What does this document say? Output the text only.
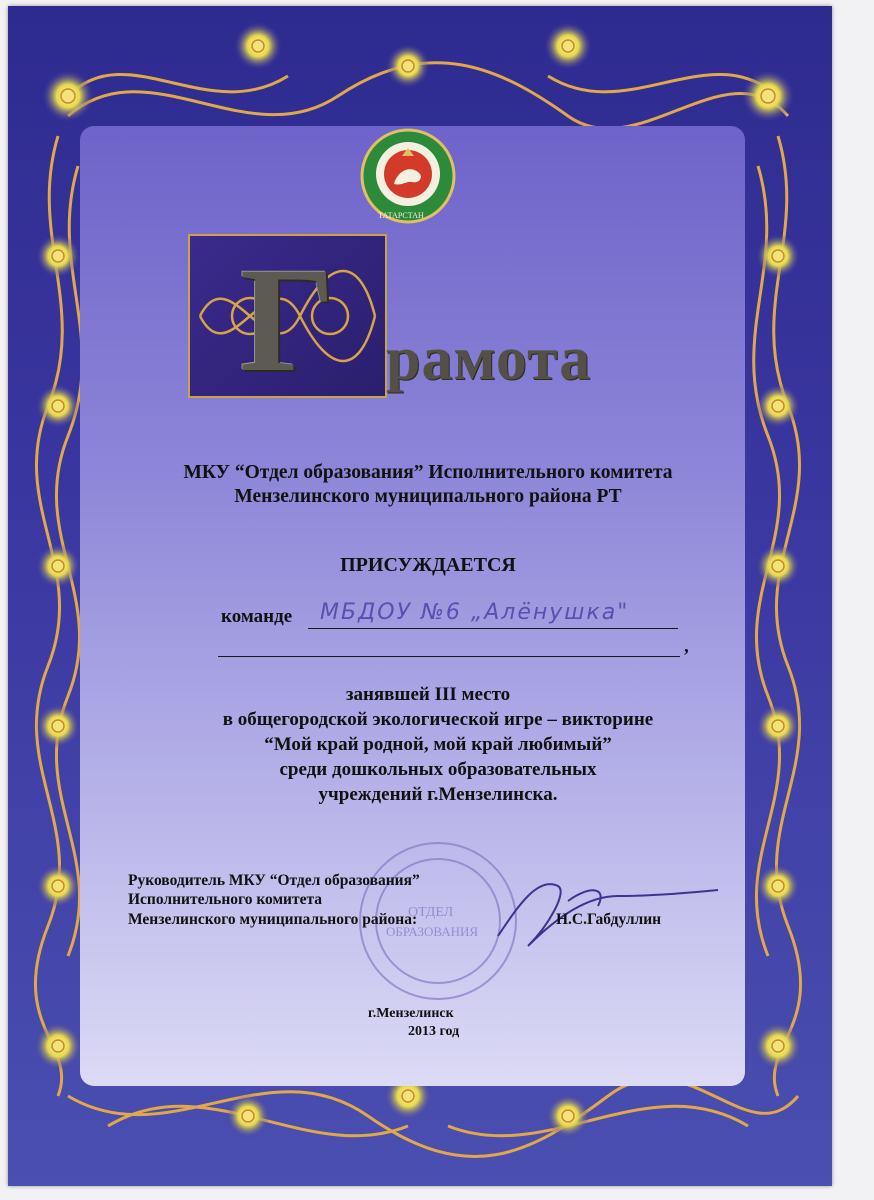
ТАТАРСТАН
Г рамота
МКУ “Отдел образования” Исполнительного комитета
Мензелинского муниципального района РТ
ПРИСУЖДАЕТСЯ
команде МБДОУ №6 „Алёнушка"
,
занявшей III место
в общегородской экологической игре – викторине
“Мой край родной, мой край любимый”
среди дошкольных образовательных
учреждений г.Мензелинска.
ОТДЕЛ
ОБРАЗОВАНИЯ
Руководитель МКУ “Отдел образования”
Исполнительного комитета
Мензелинского муниципального района:	Н.С.Габдуллин
г.Мензелинск
2013 год
